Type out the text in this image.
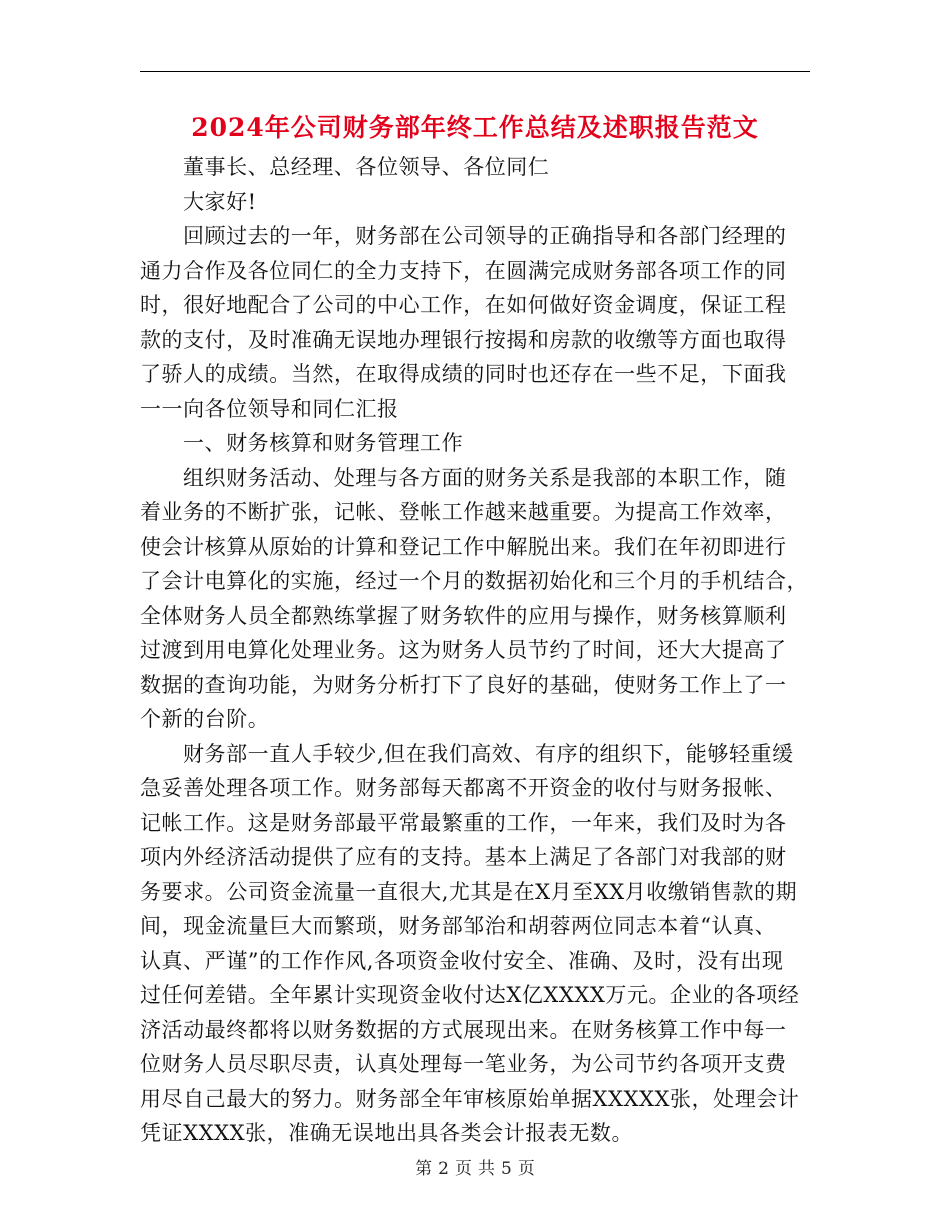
2024年公司财务部年终工作总结及述职报告范文
董事长、总经理、各位领导、各位同仁
大家好!
回顾过去的一年，财务部在公司领导的正确指导和各部门经理的
通力合作及各位同仁的全力支持下，在圆满完成财务部各项工作的同
时，很好地配合了公司的中心工作，在如何做好资金调度，保证工程
款的支付，及时准确无误地办理银行按揭和房款的收缴等方面也取得
了骄人的成绩。当然，在取得成绩的同时也还存在一些不足，下面我
一一向各位领导和同仁汇报
一、财务核算和财务管理工作
组织财务活动、处理与各方面的财务关系是我部的本职工作，随
着业务的不断扩张，记帐、登帐工作越来越重要。为提高工作效率，
使会计核算从原始的计算和登记工作中解脱出来。我们在年初即进行
了会计电算化的实施，经过一个月的数据初始化和三个月的手机结合，
全体财务人员全都熟练掌握了财务软件的应用与操作，财务核算顺利
过渡到用电算化处理业务。这为财务人员节约了时间，还大大提高了
数据的查询功能，为财务分析打下了良好的基础，使财务工作上了一
个新的台阶。
财务部一直人手较少,但在我们高效、有序的组织下，能够轻重缓
急妥善处理各项工作。财务部每天都离不开资金的收付与财务报帐、
记帐工作。这是财务部最平常最繁重的工作，一年来，我们及时为各
项内外经济活动提供了应有的支持。基本上满足了各部门对我部的财
务要求。公司资金流量一直很大,尤其是在X月至XX月收缴销售款的期
间，现金流量巨大而繁琐，财务部邹治和胡蓉两位同志本着“认真、
认真、严谨”的工作作风,各项资金收付安全、准确、及时，没有出现
过任何差错。全年累计实现资金收付达X亿XXXX万元。企业的各项经
济活动最终都将以财务数据的方式展现出来。在财务核算工作中每一
位财务人员尽职尽责，认真处理每一笔业务，为公司节约各项开支费
用尽自己最大的努力。财务部全年审核原始单据XXXXX张，处理会计
凭证XXXX张，准确无误地出具各类会计报表无数。
第 2 页 共 5 页
